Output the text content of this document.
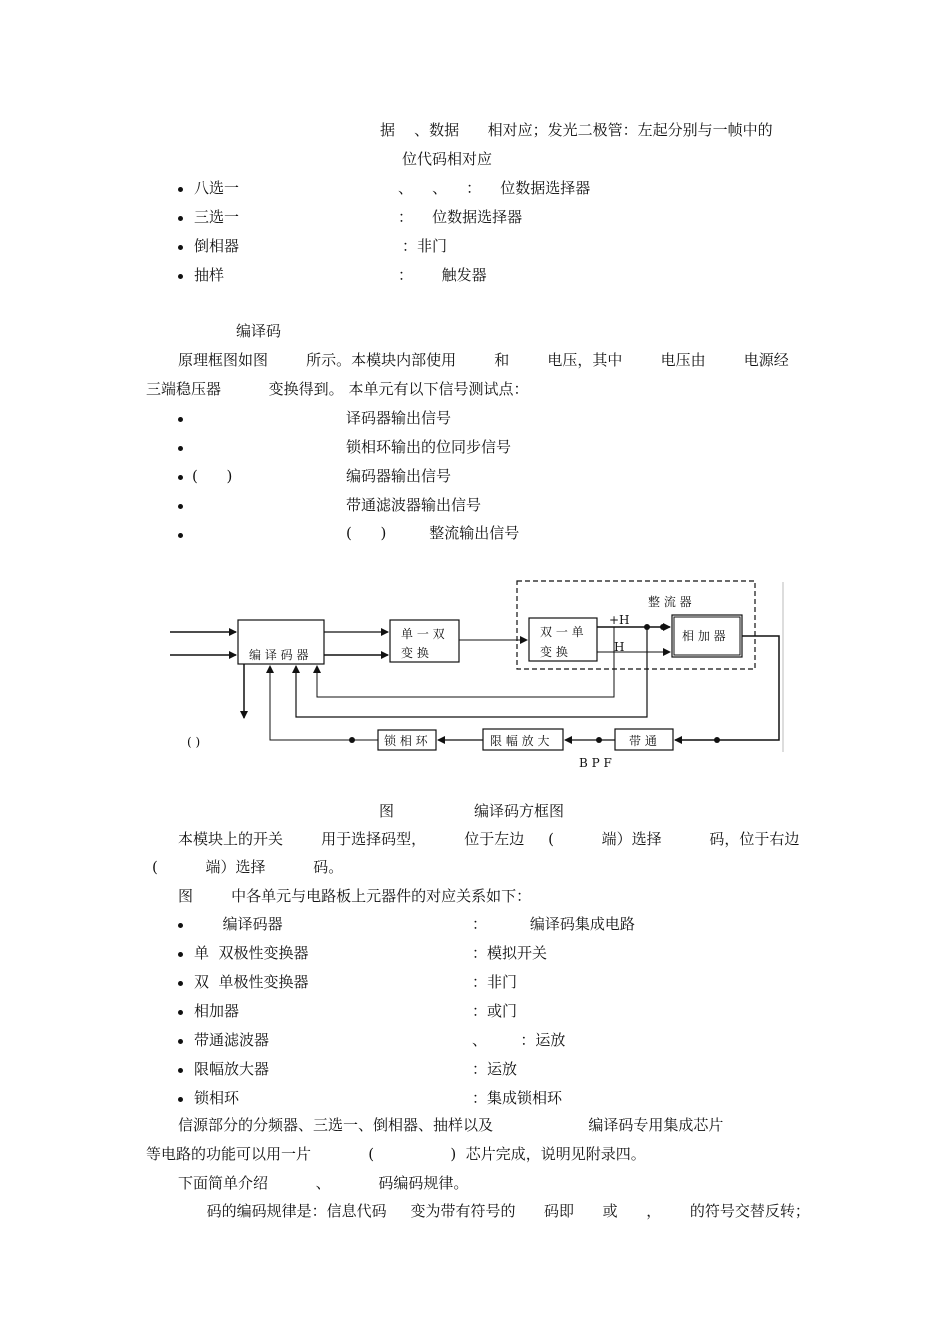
据    、数据      相对应；发光二极管：左起分别与一帧中的
位代码相对应
八选一	、    、    ：    位数据选择器
三选一	：    位数据选择器
倒相器	：非门
抽样	：      触发器
编译码
原理框图如图        所示。本模块内部使用        和        电压，其中        电压由        电源经
三端稳压器          变换得到。 本单元有以下信号测试点：
译码器输出信号
锁相环输出的位同步信号
(      )	编码器输出信号
带通滤波器输出信号
(      )         整流输出信号
整 流 器
编 译 码 器
单 一 双
变 换
双 一 单
变 换
相 加 器
+H
H
锁 相 环	限 幅 放 大	带 通
B P F
( )
图	编译码方框图
本模块上的开关        用于选择码型，        位于左边     (          端）选择          码，位于右边
(          端）选择          码。
图        中各单元与电路板上元器件的对应关系如下：
编译码器	：         编译码集成电路
单  双极性变换器	：模拟开关
双  单极性变换器	：非门
相加器	：或门
带通滤波器	、       ：运放
限幅放大器	：运放
锁相环	：集成锁相环
信源部分的分频器、三选一、倒相器、抽样以及                    编译码专用集成芯片
等电路的功能可以用一片            (                )  芯片完成，说明见附录四。
下面简单介绍          、          码编码规律。
码的编码规律是：信息代码     变为带有符号的      码即      或      ，      的符号交替反转；
